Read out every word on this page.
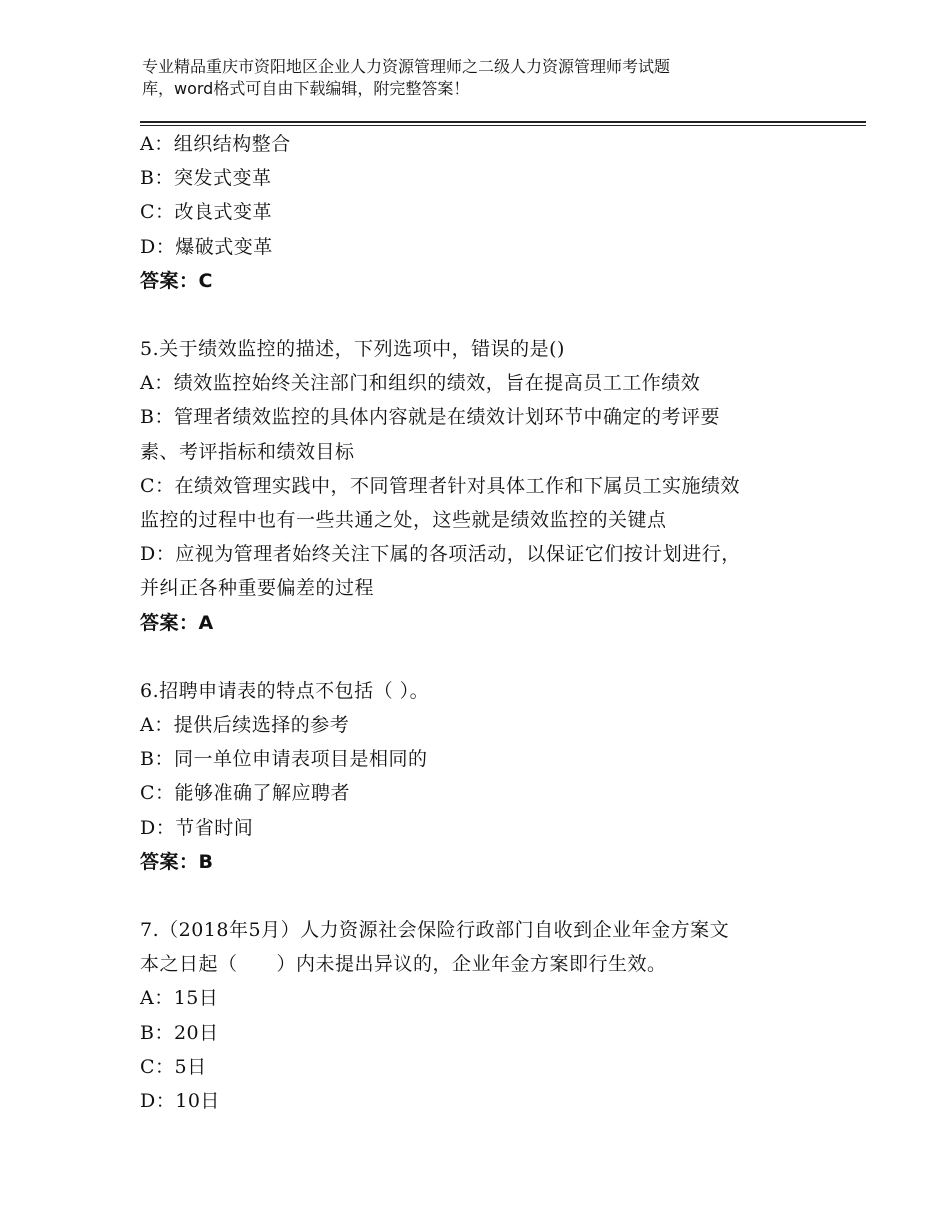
专业精品重庆市资阳地区企业人力资源管理师之二级人力资源管理师考试题
库，word格式可自由下载编辑，附完整答案！

A：组织结构整合

B：突发式变革

C：改良式变革

D：爆破式变革

答案：C

5.关于绩效监控的描述，下列选项中，错误的是()

A：绩效监控始终关注部门和组织的绩效，旨在提高员工工作绩效

B：管理者绩效监控的具体内容就是在绩效计划环节中确定的考评要

素、考评指标和绩效目标

C：在绩效管理实践中，不同管理者针对具体工作和下属员工实施绩效

监控的过程中也有一些共通之处，这些就是绩效监控的关键点

D：应视为管理者始终关注下属的各项活动，以保证它们按计划进行，

并纠正各种重要偏差的过程

答案：A

6.招聘申请表的特点不包括（ ）。

A：提供后续选择的参考

B：同一单位申请表项目是相同的

C：能够准确了解应聘者

D：节省时间

答案：B

7.（2018年5月）人力资源社会保险行政部门自收到企业年金方案文

本之日起（　　）内未提出异议的，企业年金方案即行生效。

A：15日

B：20日

C：5日

D：10日
